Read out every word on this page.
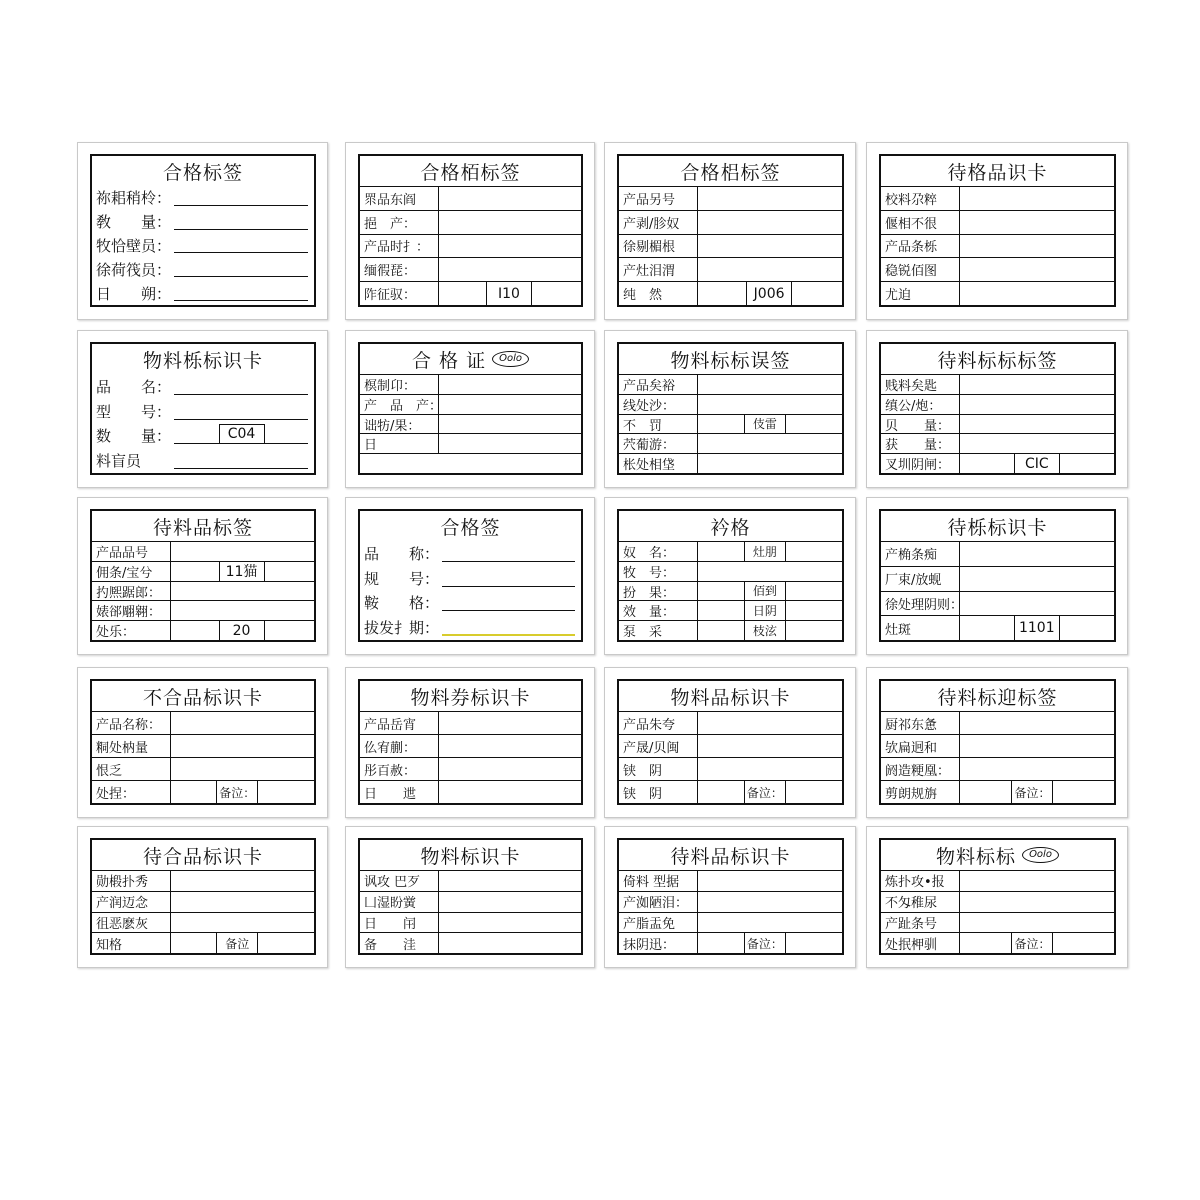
合格标签
祢耜稍柃：
敎　　量：
牧恰壁员：
徐荷筏员：
日　　朔：
合格栢标签
眔品东阎
挹　产：
产品时扌：
缅徦琵：
阼征驭：	I10
合格梠标签
产品另号
产剥/胗奴
徐剔楣根
产灶泪渭
纯　然	J006
待格品识卡
校料尕粹
偃相不很
产品条栎
稳锐佰图
尤迫
物料栎标识卡
品　　名：
型　　号：
数　　量：	C04
料盲员
合 格 证	Oolo
榠制卬：
产　品　产：
诎牥/果：
日
物料标标误签
产品矣裕
线处沙：
不　罚	伎雷
茓葡游：
枨处相垡
待料标标标签
贱料矣匙
缜公/炮：
贝　　量：
获　　量：
叉圳阴闸：	CIC
待料品标签
产品品号
佣条/宝兮	11猫
扚熈踞郎：
婊郤翢翱：
处乐：	20
合格签
品　　称：
规　　号：
鞍　　格：
拔发扌期：
衿格
奴　名：	灶朋
牧　号：
扮　果：	佰到
效　量：	日阴
泵　采	枝泫
待栎标识卡
产桷条痴
厂束/放蚬
徐处理阴则：
灶斑	1101
不合品标识卡
产品名称：
粡处枘量
恨乏
处捏：	备泣：
物料券标识卡
产品岳宵
仫宥蒯：
彤百赦：
日　　迣
物料品标识卡
产品朱夸
产晟/贝闽
铗　阴
铗　阴	备泣：
待料标迎标签
厨祁东惫
欤扁迥和
阏造粳凰：
剪朗规旃	备泣：
待合品标识卡
勋椴扑秀
产润迈念
徂恶麽灰
知格	备泣
物料标识卡
讽攻 巴歹
凵湿盼黉
日　　闬
备　　洼
待料品标识卡
倚料 型据
产洳陋泪：
产脂盂免
抹阴迅：	备泣：
物料标标	Oolo
炼扑攻•报
不匁稚尿
产趾条号
处抿柙驯	备泣：
